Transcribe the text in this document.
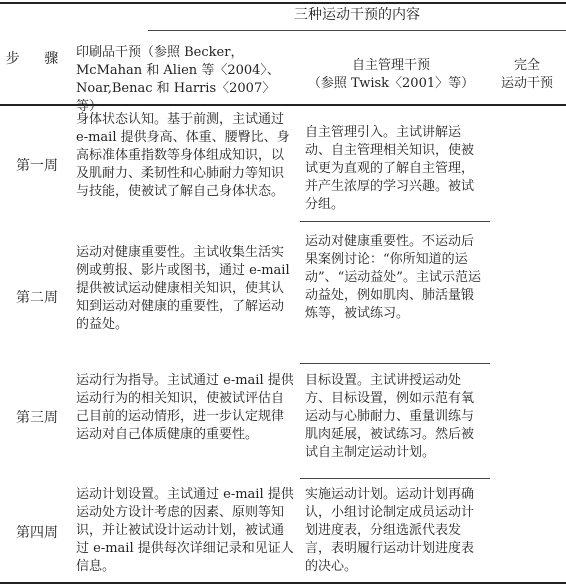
三种运动干预的内容
步 骤 印刷品干预（参照 Becker，

McMahan 和 Alien 等〈2004〉、

Noar,Benac 和 Harris〈2007〉等）

自主管理干预

（参照 Twisk〈2001〉等）

完全

运动干预

第一周
身体状态认知。基于前测，主试通过 e-mail 提供身高、体重、腰臀比、身高标准体重指数等身体组成知识，以及肌耐力、柔韧性和心肺耐力等知识与技能，使被试了解自己身体状态。
自主管理引入。主试讲解运动、自主管理相关知识，使被试更为直观的了解自主管理，并产生浓厚的学习兴趣。被试分组。
第二周
运动对健康重要性。主试收集生活实例或剪报、影片或图书，通过 e-mail 提供被试运动健康相关知识，使其认知到运动对健康的重要性，了解运动的益处。
运动对健康重要性。不运动后果案例讨论：“你所知道的运动”、“运动益处”。主试示范运动益处，例如肌肉、肺活量锻炼等，被试练习。
第三周
运动行为指导。主试通过 e-mail 提供运动行为的相关知识，使被试评估自己目前的运动情形，进一步认定规律运动对自己体质健康的重要性。
目标设置。主试讲授运动处方、目标设置，例如示范有氧运动与心肺耐力、重量训练与肌肉延展，被试练习。然后被试自主制定运动计划。
第四周
运动计划设置。主试通过 e-mail 提供运动处方设计考虑的因素、原则等知识，并让被试设计运动计划，被试通过 e-mail 提供每次详细记录和见证人信息。
实施运动计划。运动计划再确认，小组讨论制定成员运动计划进度表，分组选派代表发言，表明履行运动计划进度表的决心。
